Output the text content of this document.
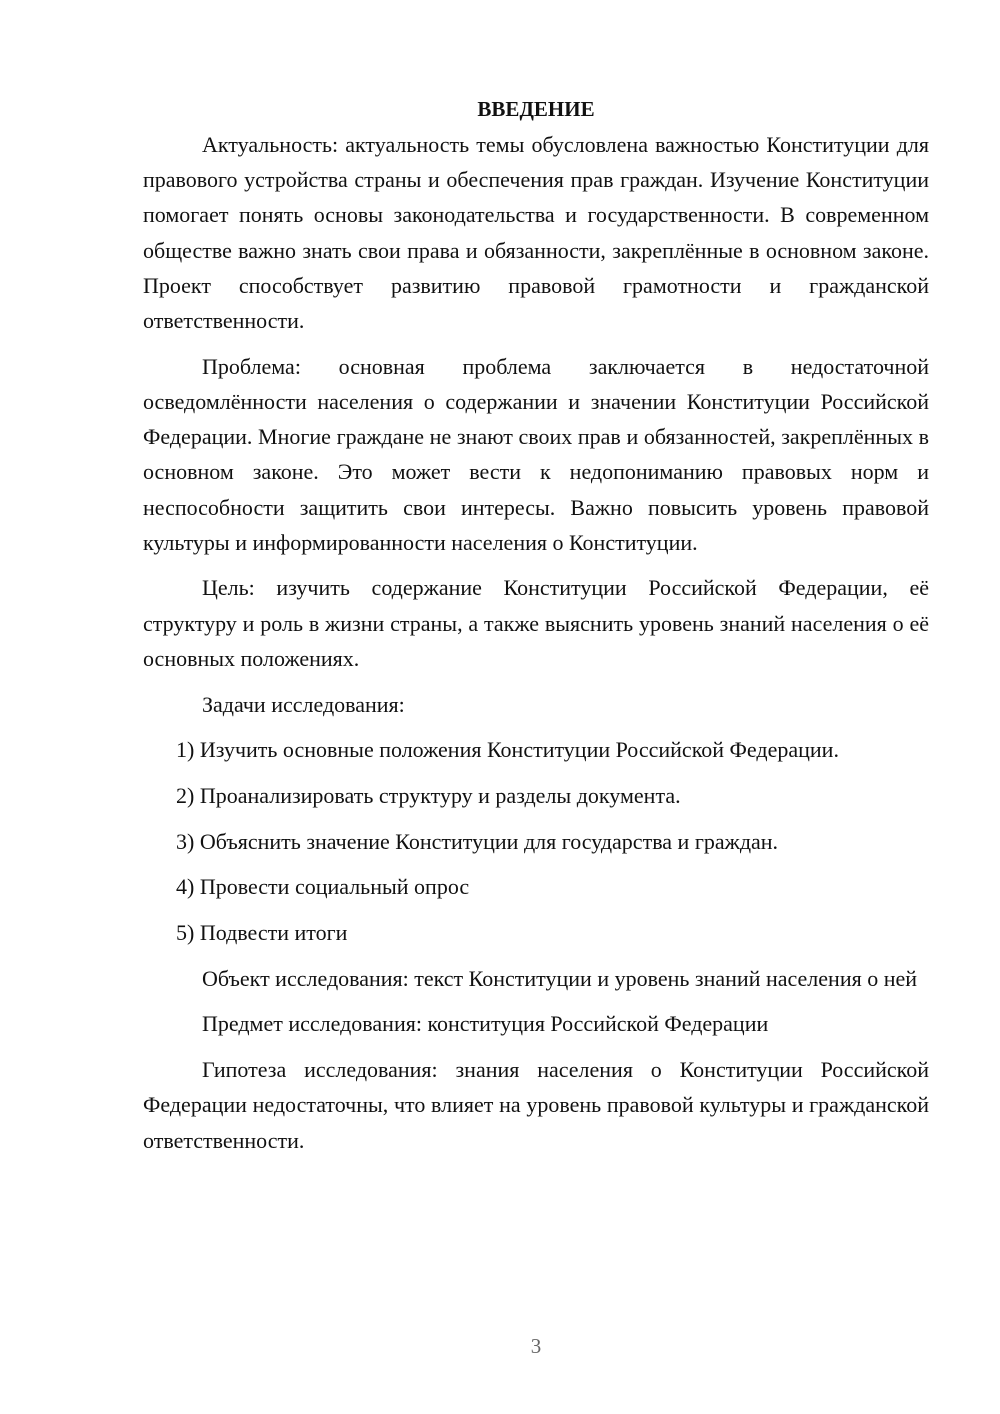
ВВЕДЕНИЕ

Актуальность: актуальность темы обусловлена важностью Конституции для правового устройства страны и обеспечения прав граждан. Изучение Конституции помогает понять основы законодательства и государственности. В современном обществе важно знать свои права и обязанности, закреплённые в основном законе. Проект способствует развитию правовой грамотности и гражданской ответственности.

Проблема: основная проблема заключается в недостаточной осведомлённости населения о содержании и значении Конституции Российской Федерации. Многие граждане не знают своих прав и обязанностей, закреплённых в основном законе. Это может вести к недопониманию правовых норм и неспособности защитить свои интересы. Важно повысить уровень правовой культуры и информированности населения о Конституции.

Цель: изучить содержание Конституции Российской Федерации, её структуру и роль в жизни страны, а также выяснить уровень знаний населения о её основных положениях.

Задачи исследования:

1) Изучить основные положения Конституции Российской Федерации.

2) Проанализировать структуру и разделы документа.

3) Объяснить значение Конституции для государства и граждан.

4) Провести социальный опрос

5) Подвести итоги

Объект исследования: текст Конституции и уровень знаний населения о ней

Предмет исследования: конституция Российской Федерации

Гипотеза исследования: знания населения о Конституции Российской Федерации недостаточны, что влияет на уровень правовой культуры и гражданской ответственности.

3
